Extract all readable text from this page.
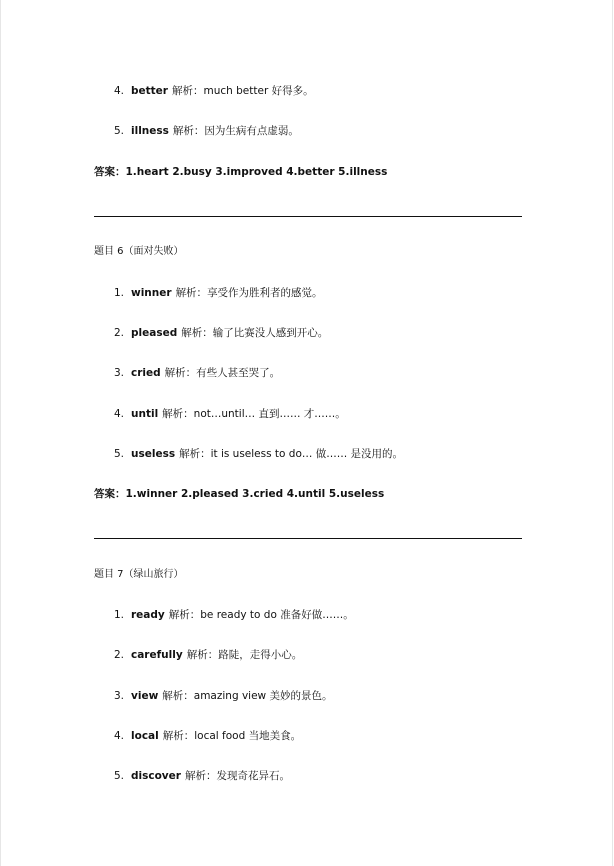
4. better 解析：much better 好得多。
5. illness 解析：因为生病有点虚弱。
答案：1.heart 2.busy 3.improved 4.better 5.illness
题目 6（面对失败）
1. winner 解析：享受作为胜利者的感觉。
2. pleased 解析：输了比赛没人感到开心。
3. cried 解析：有些人甚至哭了。
4. until 解析：not…until… 直到…… 才……。
5. useless 解析：it is useless to do… 做…… 是没用的。
答案：1.winner 2.pleased 3.cried 4.until 5.useless
题目 7（绿山旅行）
1. ready 解析：be ready to do 准备好做……。
2. carefully 解析：路陡，走得小心。
3. view 解析：amazing view 美妙的景色。
4. local 解析：local food 当地美食。
5. discover 解析：发现奇花异石。
